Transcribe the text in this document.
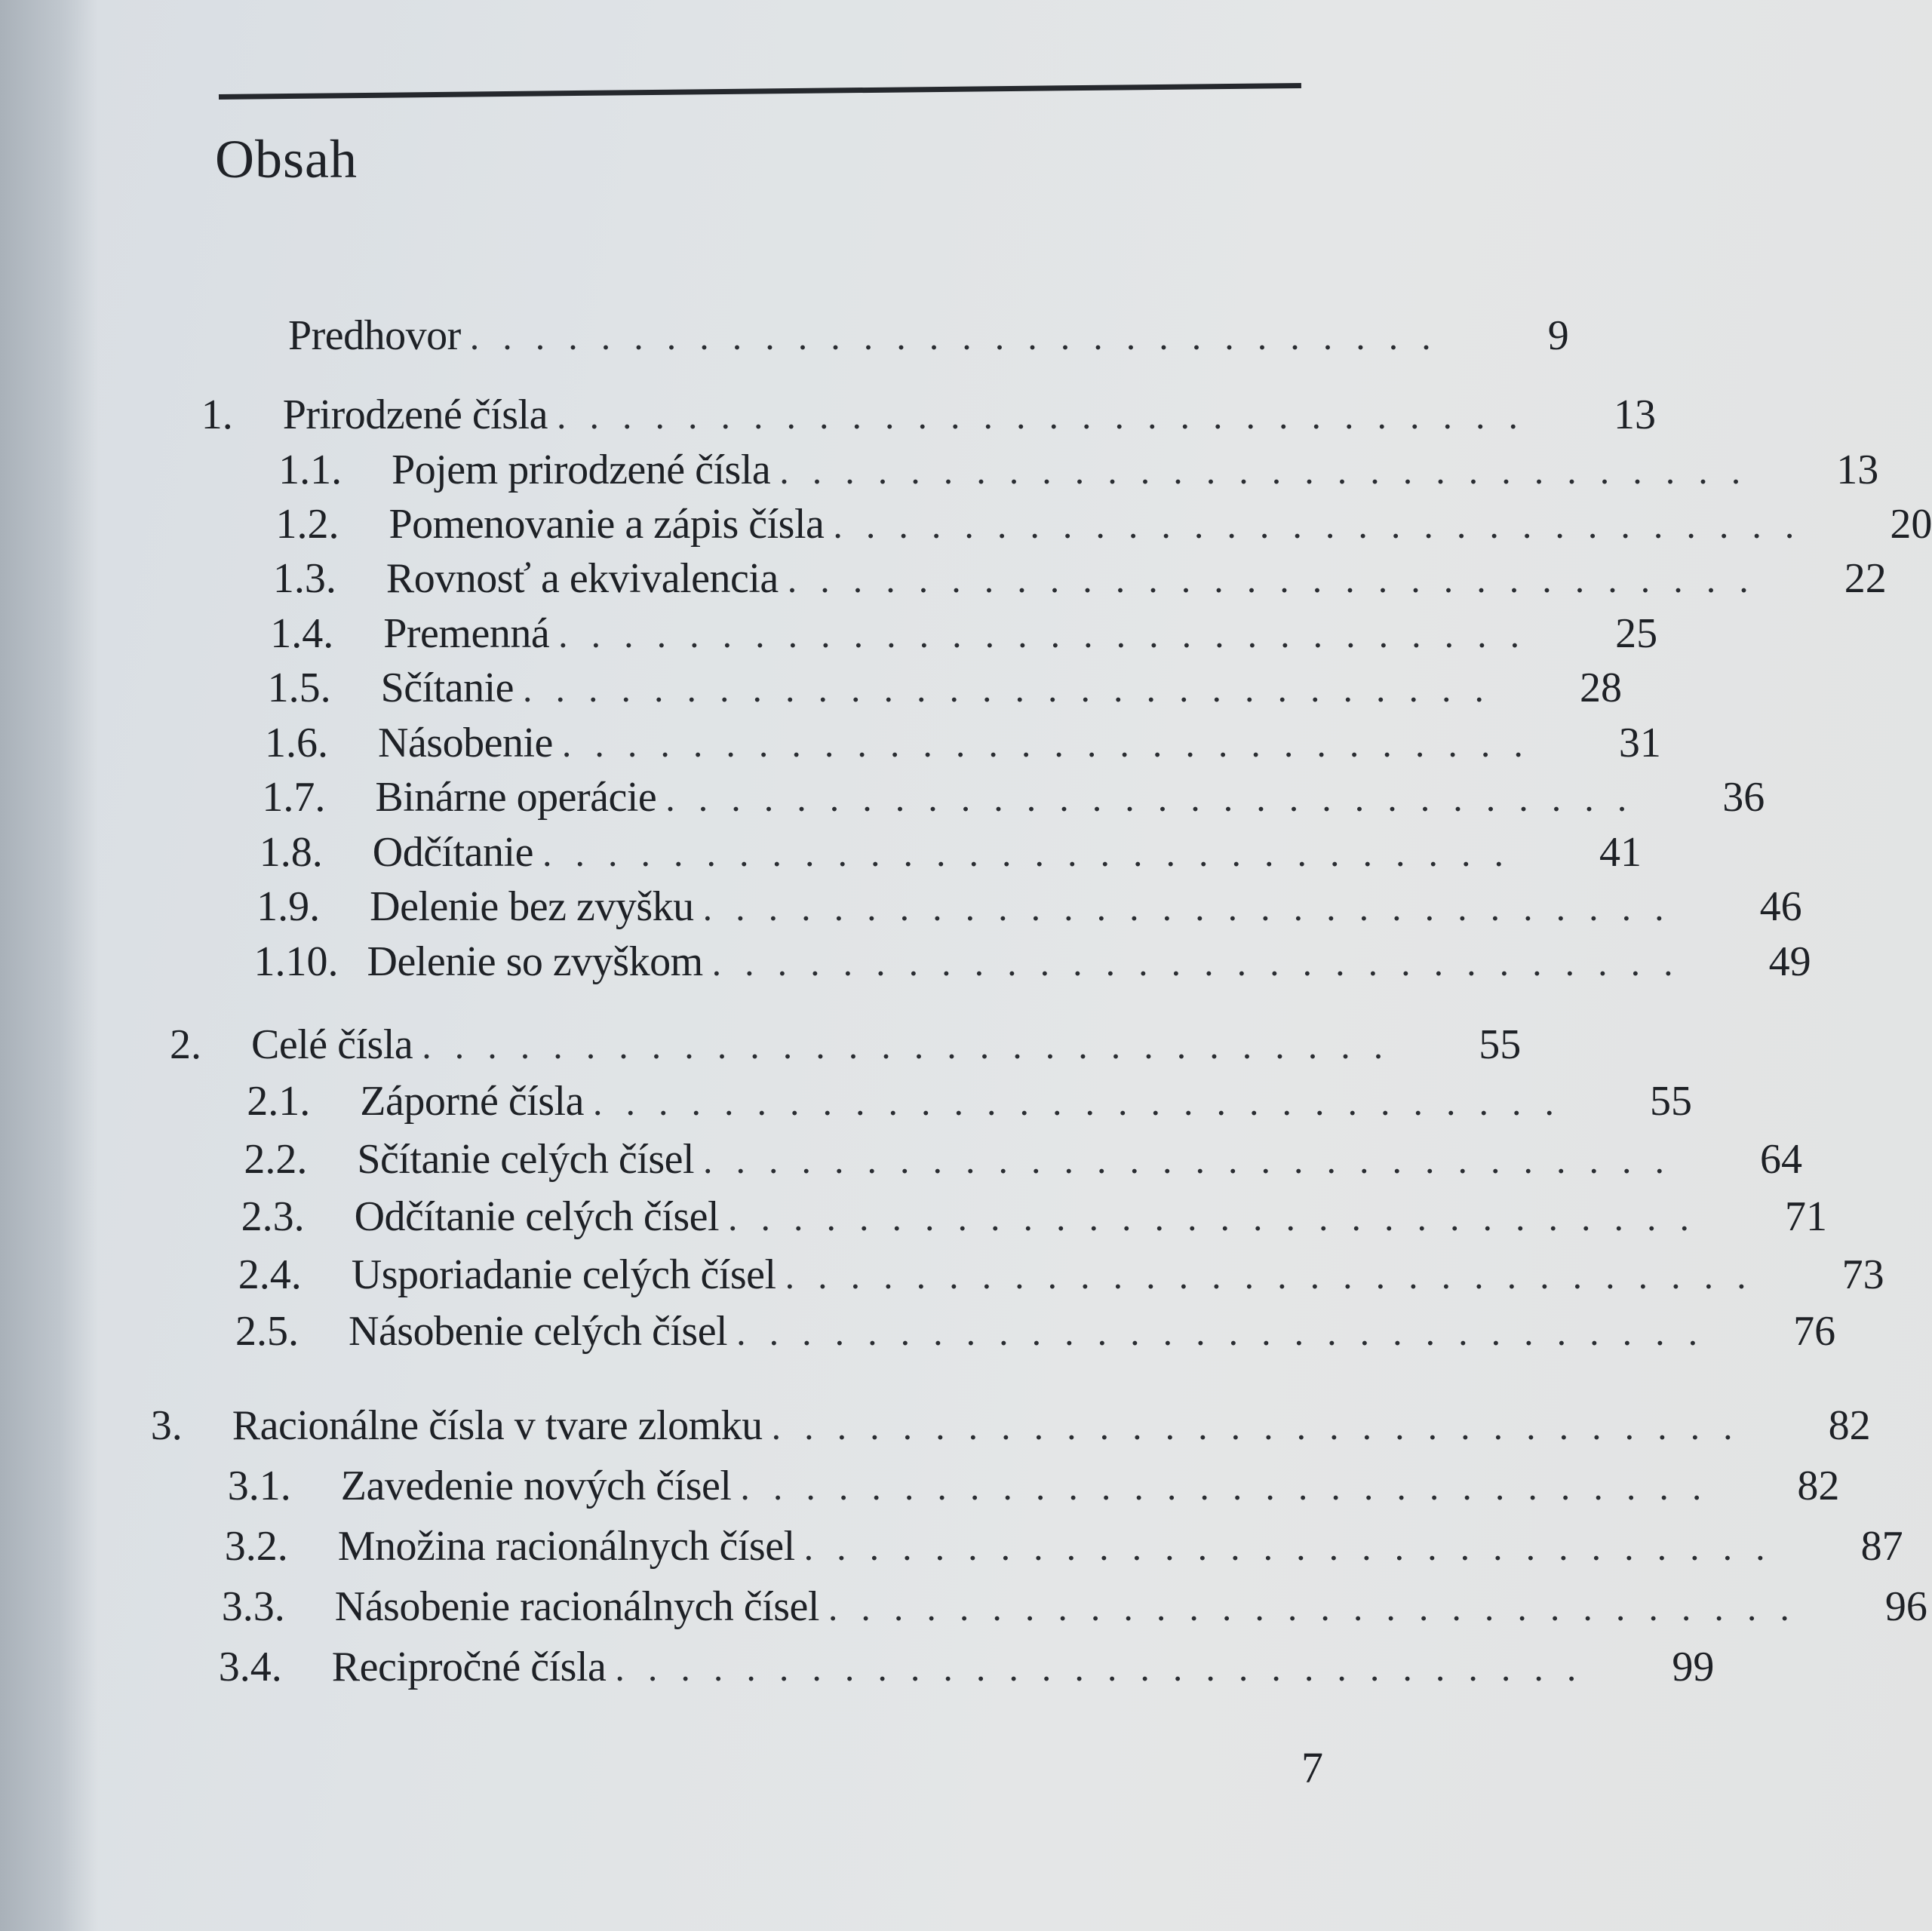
Obsah
Predhovor ..............................	9
1.	Prirodzené čísla ..............................	13
1.1.	Pojem prirodzené čísla ..............................	13
1.2.	Pomenovanie a zápis čísla ..............................	20
1.3.	Rovnosť a ekvivalencia ..............................	22
1.4.	Premenná ..............................	25
1.5.	Sčítanie ..............................	28
1.6.	Násobenie ..............................	31
1.7.	Binárne operácie ..............................	36
1.8.	Odčítanie ..............................	41
1.9.	Delenie bez zvyšku ..............................	46
1.10. Delenie so zvyškom ..............................	49
2.	Celé čísla ..............................	55
2.1.	Záporné čísla ..............................	55
2.2.	Sčítanie celých čísel ..............................	64
2.3.	Odčítanie celých čísel ..............................	71
2.4.	Usporiadanie celých čísel ..............................	73
2.5.	Násobenie celých čísel ..............................	76
3.	Racionálne čísla v tvare zlomku ..............................	82
3.1.	Zavedenie nových čísel ..............................	82
3.2.	Množina racionálnych čísel ..............................	87
3.3.	Násobenie racionálnych čísel ..............................	96
3.4.	Recipročné čísla ..............................	99
7
